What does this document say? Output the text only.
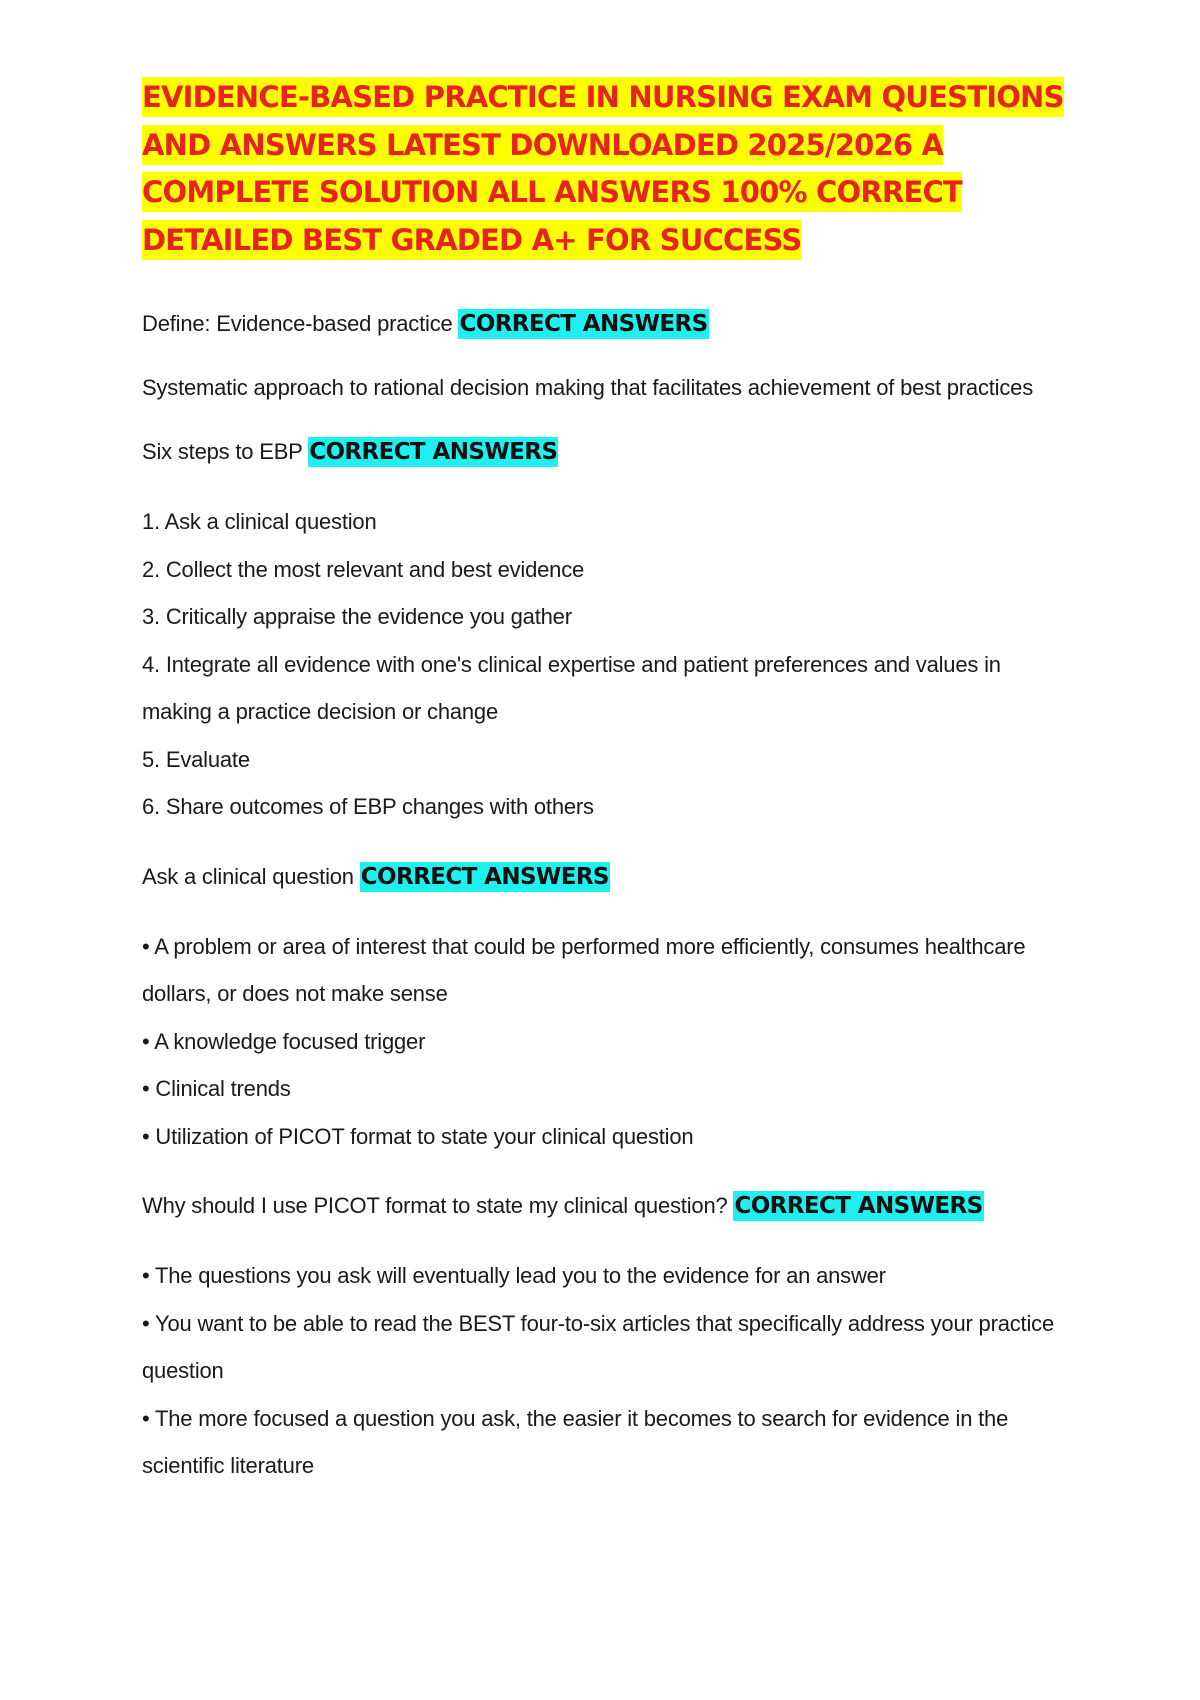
EVIDENCE-BASED PRACTICE IN NURSING EXAM QUESTIONS AND ANSWERS LATEST DOWNLOADED 2025/2026 A COMPLETE SOLUTION ALL ANSWERS 100% CORRECT DETAILED BEST GRADED A+ FOR SUCCESS
Define: Evidence-based practice CORRECT ANSWERS
Systematic approach to rational decision making that facilitates achievement of best practices
Six steps to EBP CORRECT ANSWERS
1. Ask a clinical question
2. Collect the most relevant and best evidence
3. Critically appraise the evidence you gather
4. Integrate all evidence with one's clinical expertise and patient preferences and values in making a practice decision or change
5. Evaluate
6. Share outcomes of EBP changes with others
Ask a clinical question CORRECT ANSWERS
• A problem or area of interest that could be performed more efficiently, consumes healthcare dollars, or does not make sense
• A knowledge focused trigger
• Clinical trends
• Utilization of PICOT format to state your clinical question
Why should I use PICOT format to state my clinical question? CORRECT ANSWERS
• The questions you ask will eventually lead you to the evidence for an answer
• You want to be able to read the BEST four-to-six articles that specifically address your practice question
• The more focused a question you ask, the easier it becomes to search for evidence in the scientific literature
